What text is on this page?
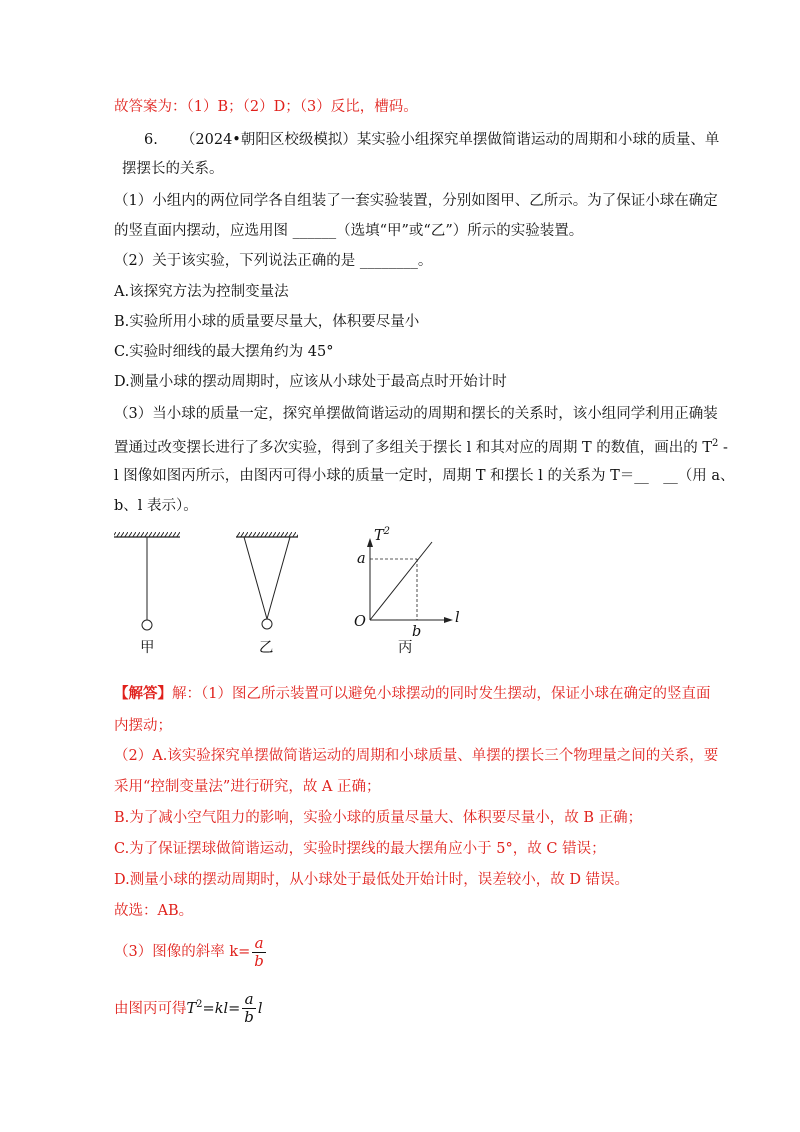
故答案为：（1）B；（2）D；（3）反比，槽码。
6. （2024•朝阳区校级模拟）某实验小组探究单摆做简谐运动的周期和小球的质量、单
摆摆长的关系。
（1）小组内的两位同学各自组装了一套实验装置，分别如图甲、乙所示。为了保证小球在确定
的竖直面内摆动，应选用图 ______（选填“甲”或“乙”）所示的实验装置。
（2）关于该实验，下列说法正确的是 ________。
A.该探究方法为控制变量法
B.实验所用小球的质量要尽量大，体积要尽量小
C.实验时细线的最大摆角约为 45°
D.测量小球的摆动周期时，应该从小球处于最高点时开始计时
（3）当小球的质量一定，探究单摆做简谐运动的周期和摆长的关系时，该小组同学利用正确装
置通过改变摆长进行了多次实验，得到了多组关于摆长 l 和其对应的周期 T 的数值，画出的 $T^2$ -
l 图像如图丙所示，由图丙可得小球的质量一定时，周期 T 和摆长 l 的关系为 T＝__　__（用 a、
b、l 表示）。
甲	乙	丙
$T^2$
a
b
l
O
【解答】解：（1）图乙所示装置可以避免小球摆动的同时发生摆动，保证小球在确定的竖直面
内摆动；
（2）A.该实验探究单摆做简谐运动的周期和小球质量、单摆的摆长三个物理量之间的关系，要
采用“控制变量法”进行研究，故 A 正确；
B.为了减小空气阻力的影响，实验小球的质量尽量大、体积要尽量小，故 B 正确；
C.为了保证摆球做简谐运动，实验时摆线的最大摆角应小于 5°，故 C 错误；
D.测量小球的摆动周期时，从小球处于最低处开始计时，误差较小，故 D 错误。
故选：AB。
（3）图像的斜率 $k= \frac{a}{b}$
由图丙可得$T^2=kl= \frac{a}{b}$ l
